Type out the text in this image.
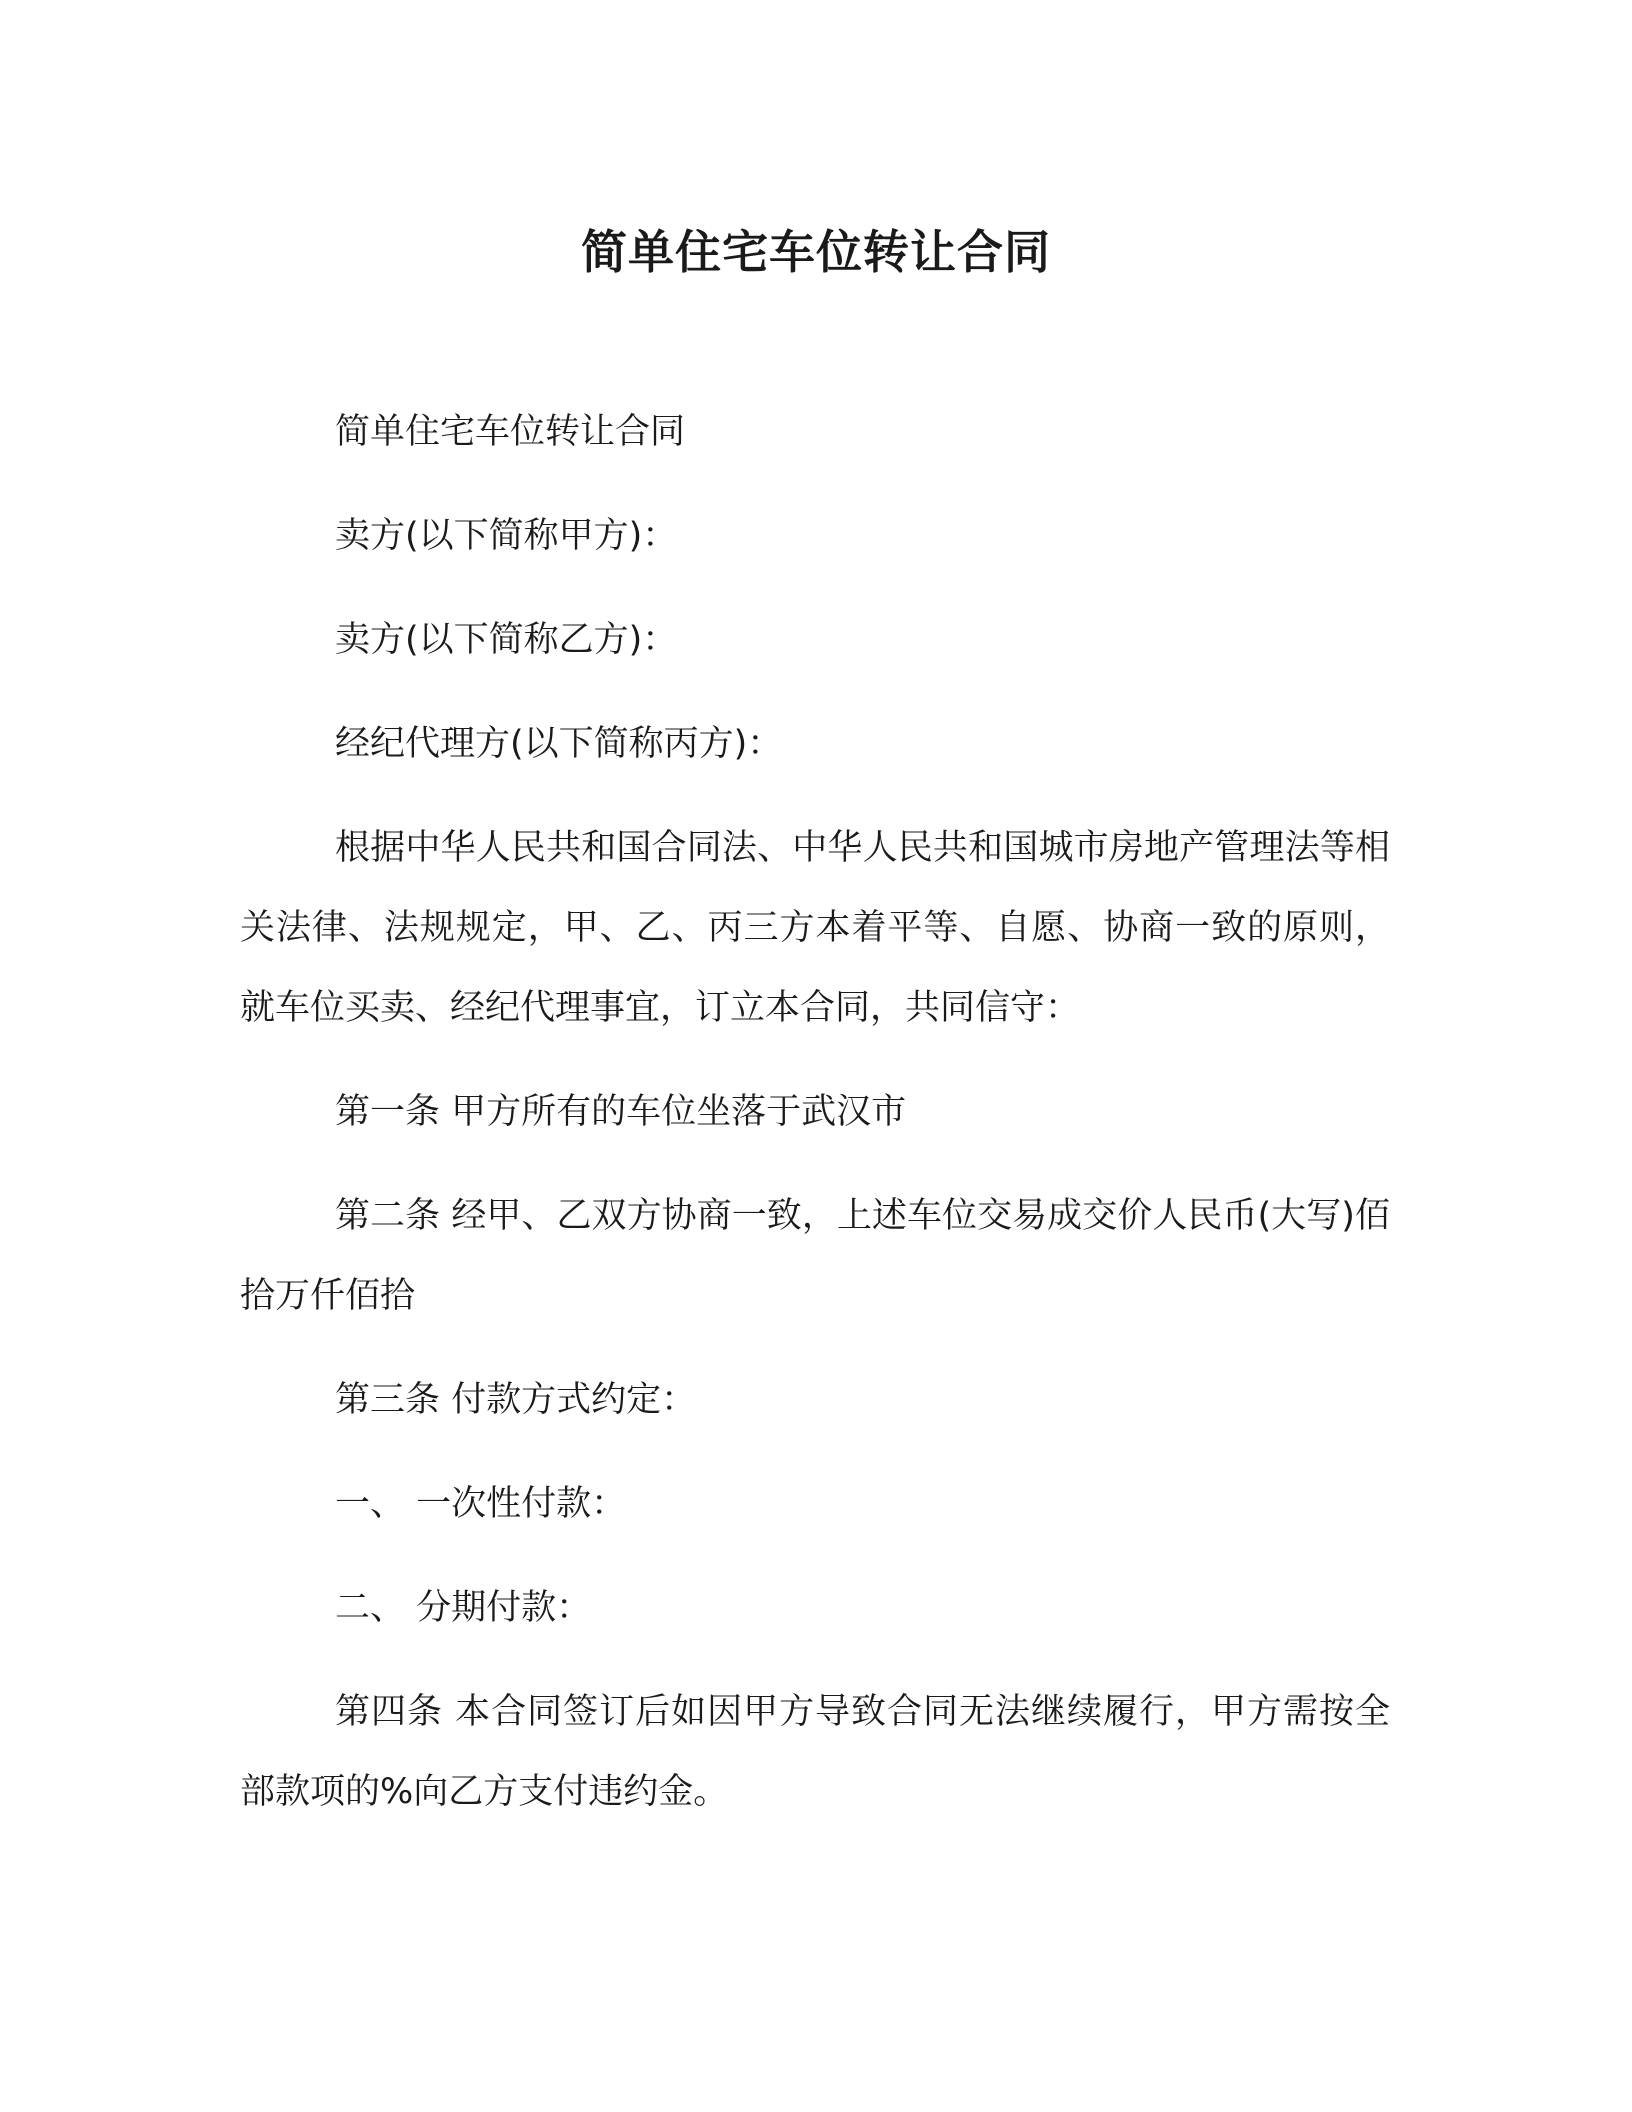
简单住宅车位转让合同

简单住宅车位转让合同

卖方(以下简称甲方)：

卖方(以下简称乙方)：

经纪代理方(以下简称丙方)：

根据中华人民共和国合同法、中华人民共和国城市房地产管理法等相关法律、法规规定，甲、乙、丙三方本着平等、自愿、协商一致的原则，就车位买卖、经纪代理事宜，订立本合同，共同信守：

第一条 甲方所有的车位坐落于武汉市

第二条 经甲、乙双方协商一致，上述车位交易成交价人民币(大写)佰拾万仟佰拾

第三条 付款方式约定：

一、 一次性付款：

二、 分期付款：

第四条 本合同签订后如因甲方导致合同无法继续履行，甲方需按全部款项的%向乙方支付违约金。
